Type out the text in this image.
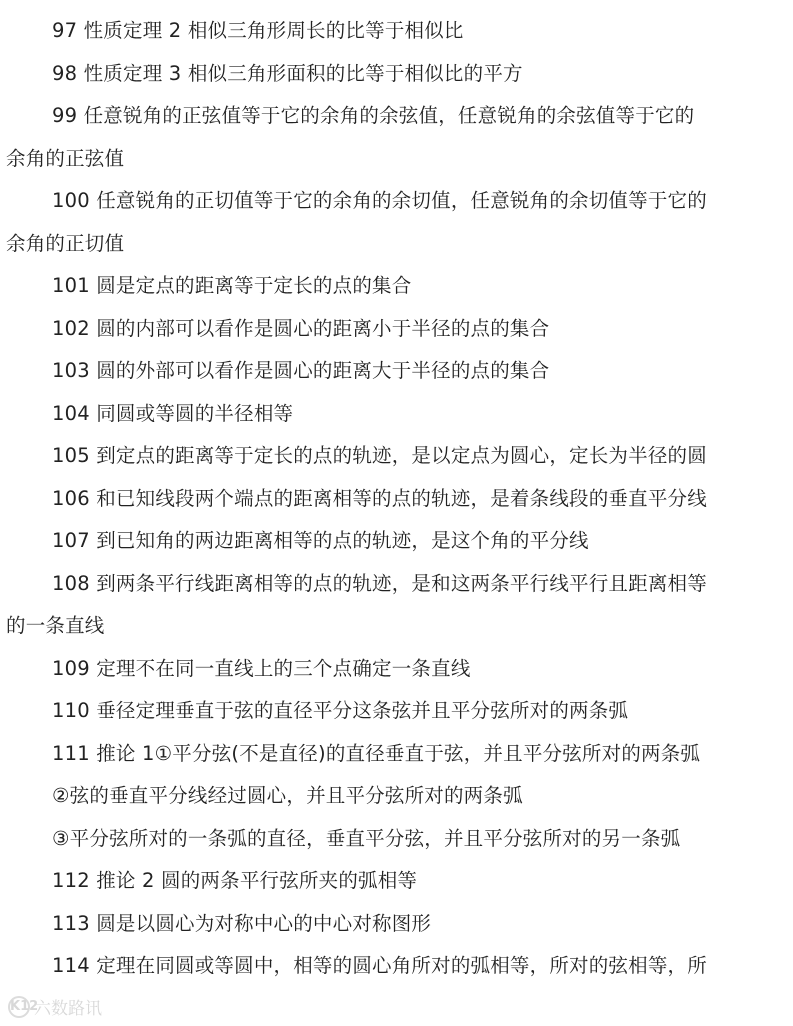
97 性质定理 2 相似三角形周长的比等于相似比
98 性质定理 3 相似三角形面积的比等于相似比的平方
99 任意锐角的正弦值等于它的余角的余弦值，任意锐角的余弦值等于它的
余角的正弦值
100 任意锐角的正切值等于它的余角的余切值，任意锐角的余切值等于它的
余角的正切值
101 圆是定点的距离等于定长的点的集合
102 圆的内部可以看作是圆心的距离小于半径的点的集合
103 圆的外部可以看作是圆心的距离大于半径的点的集合
104 同圆或等圆的半径相等
105 到定点的距离等于定长的点的轨迹，是以定点为圆心，定长为半径的圆
106 和已知线段两个端点的距离相等的点的轨迹，是着条线段的垂直平分线
107 到已知角的两边距离相等的点的轨迹，是这个角的平分线
108 到两条平行线距离相等的点的轨迹，是和这两条平行线平行且距离相等
的一条直线
109 定理不在同一直线上的三个点确定一条直线
110 垂径定理垂直于弦的直径平分这条弦并且平分弦所对的两条弧
111 推论 1①平分弦(不是直径)的直径垂直于弦，并且平分弦所对的两条弧
②弦的垂直平分线经过圆心，并且平分弦所对的两条弧
③平分弦所对的一条弧的直径，垂直平分弦，并且平分弦所对的另一条弧
112 推论 2 圆的两条平行弦所夹的弧相等
113 圆是以圆心为对称中心的中心对称图形
114 定理在同圆或等圆中，相等的圆心角所对的弧相等，所对的弦相等，所
K12
六数路讯
